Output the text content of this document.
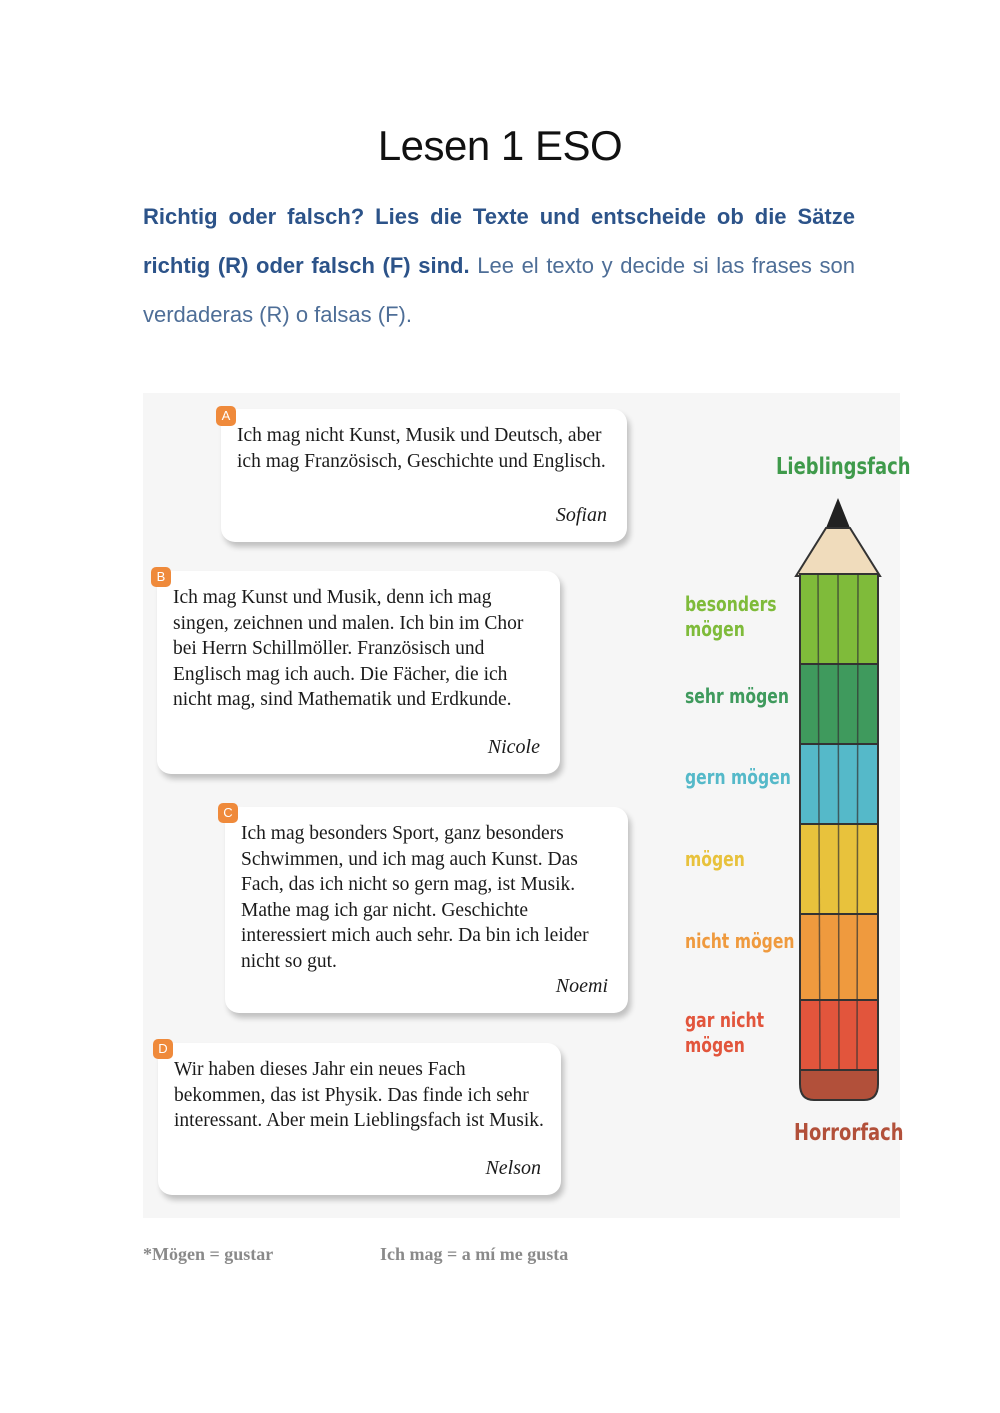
Lesen 1 ESO
Richtig oder falsch? Lies die Texte und entscheide ob die Sätze richtig (R) oder falsch (F) sind. Lee el texto y decide si las frases son verdaderas (R) o falsas (F).
Ich mag nicht Kunst, Musik und Deutsch, aber ich mag Französisch, Geschichte und Englisch.
Sofian
A
Ich mag Kunst und Musik, denn ich mag singen, zeichnen und malen. Ich bin im Chor bei Herrn Schillmöller. Französisch und Englisch mag ich auch. Die Fächer, die ich nicht mag, sind Mathematik und Erdkunde.
Nicole
B
Ich mag besonders Sport, ganz besonders Schwimmen, und ich mag auch Kunst. Das Fach, das ich nicht so gern mag, ist Musik. Mathe mag ich gar nicht. Geschichte interessiert mich auch sehr. Da bin ich leider nicht so gut.
Noemi
C
Wir haben dieses Jahr ein neues Fach bekommen, das ist Physik. Das finde ich sehr interessant. Aber mein Lieblingsfach ist Musik.
Nelson
D
Lieblingsfach
besonders mögen
sehr mögen
gern mögen
mögen
nicht mögen
gar nicht mögen
Horrorfach
*Mögen = gustar	Ich mag = a mí me gusta
